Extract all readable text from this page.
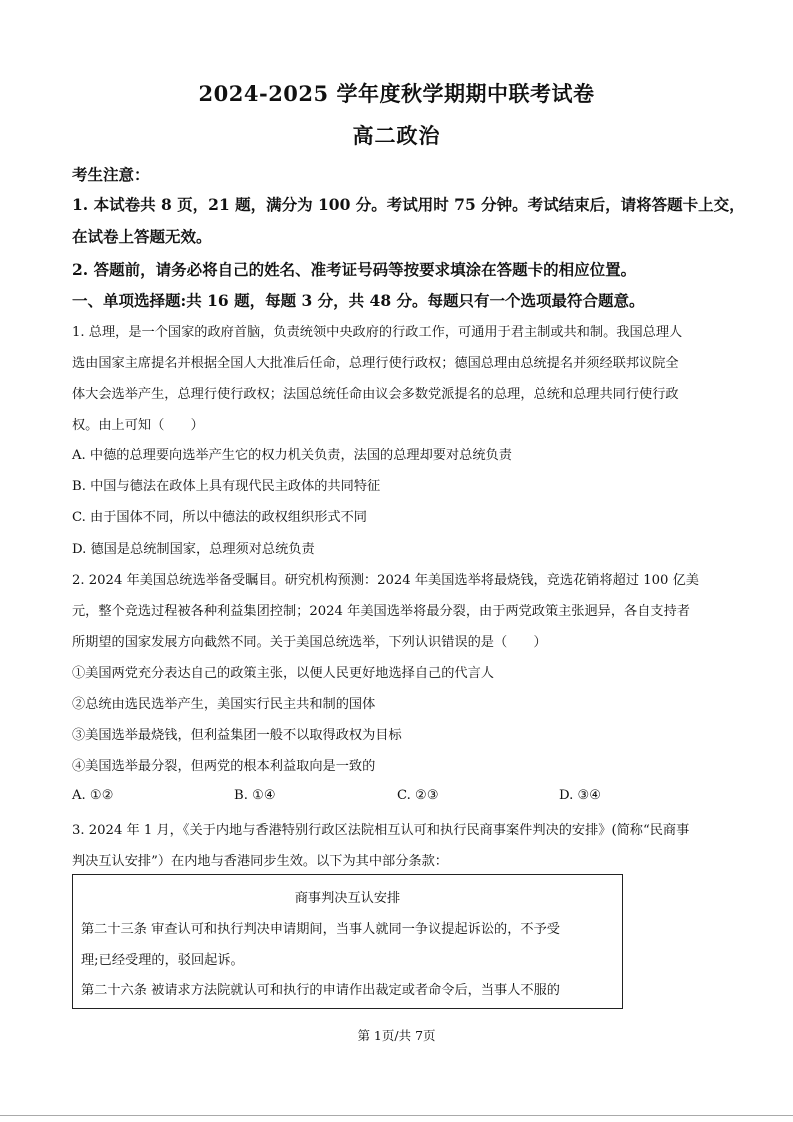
2024-2025 学年度秋学期期中联考试卷
高二政治
考生注意：
1. 本试卷共 8 页，21 题，满分为 100 分。考试用时 75 分钟。考试结束后，请将答题卡上交，
在试卷上答题无效。
2. 答题前，请务必将自己的姓名、准考证号码等按要求填涂在答题卡的相应位置。
一、单项选择题:共 16 题，每题 3 分，共 48 分。每题只有一个选项最符合题意。
1. 总理，是一个国家的政府首脑，负责统领中央政府的行政工作，可通用于君主制或共和制。我国总理人
选由国家主席提名并根据全国人大批准后任命，总理行使行政权；德国总理由总统提名并须经联邦议院全
体大会选举产生，总理行使行政权；法国总统任命由议会多数党派提名的总理，总统和总理共同行使行政
权。由上可知（　　）
A. 中德的总理要向选举产生它的权力机关负责，法国的总理却要对总统负责
B. 中国与德法在政体上具有现代民主政体的共同特征
C. 由于国体不同，所以中德法的政权组织形式不同
D. 德国是总统制国家，总理须对总统负责
2. 2024 年美国总统选举备受瞩目。研究机构预测：2024 年美国选举将最烧钱，竞选花销将超过 100 亿美
元，整个竞选过程被各种利益集团控制；2024 年美国选举将最分裂，由于两党政策主张迥异，各自支持者
所期望的国家发展方向截然不同。关于美国总统选举，下列认识错误的是（　　）
①美国两党充分表达自己的政策主张，以便人民更好地选择自己的代言人
②总统由选民选举产生，美国实行民主共和制的国体
③美国选举最烧钱，但利益集团一般不以取得政权为目标
④美国选举最分裂，但两党的根本利益取向是一致的
A. ①②	B. ①④	C. ②③	D. ③④
3. 2024 年 1 月，《关于内地与香港特别行政区法院相互认可和执行民商事案件判决的安排》(简称“民商事
判决互认安排”）在内地与香港同步生效。以下为其中部分条款：
商事判决互认安排
第二十三条 审查认可和执行判决申请期间，当事人就同一争议提起诉讼的，不予受
理;已经受理的，驳回起诉。
第二十六条 被请求方法院就认可和执行的申请作出裁定或者命令后，当事人不服的
第 1页/共 7页
